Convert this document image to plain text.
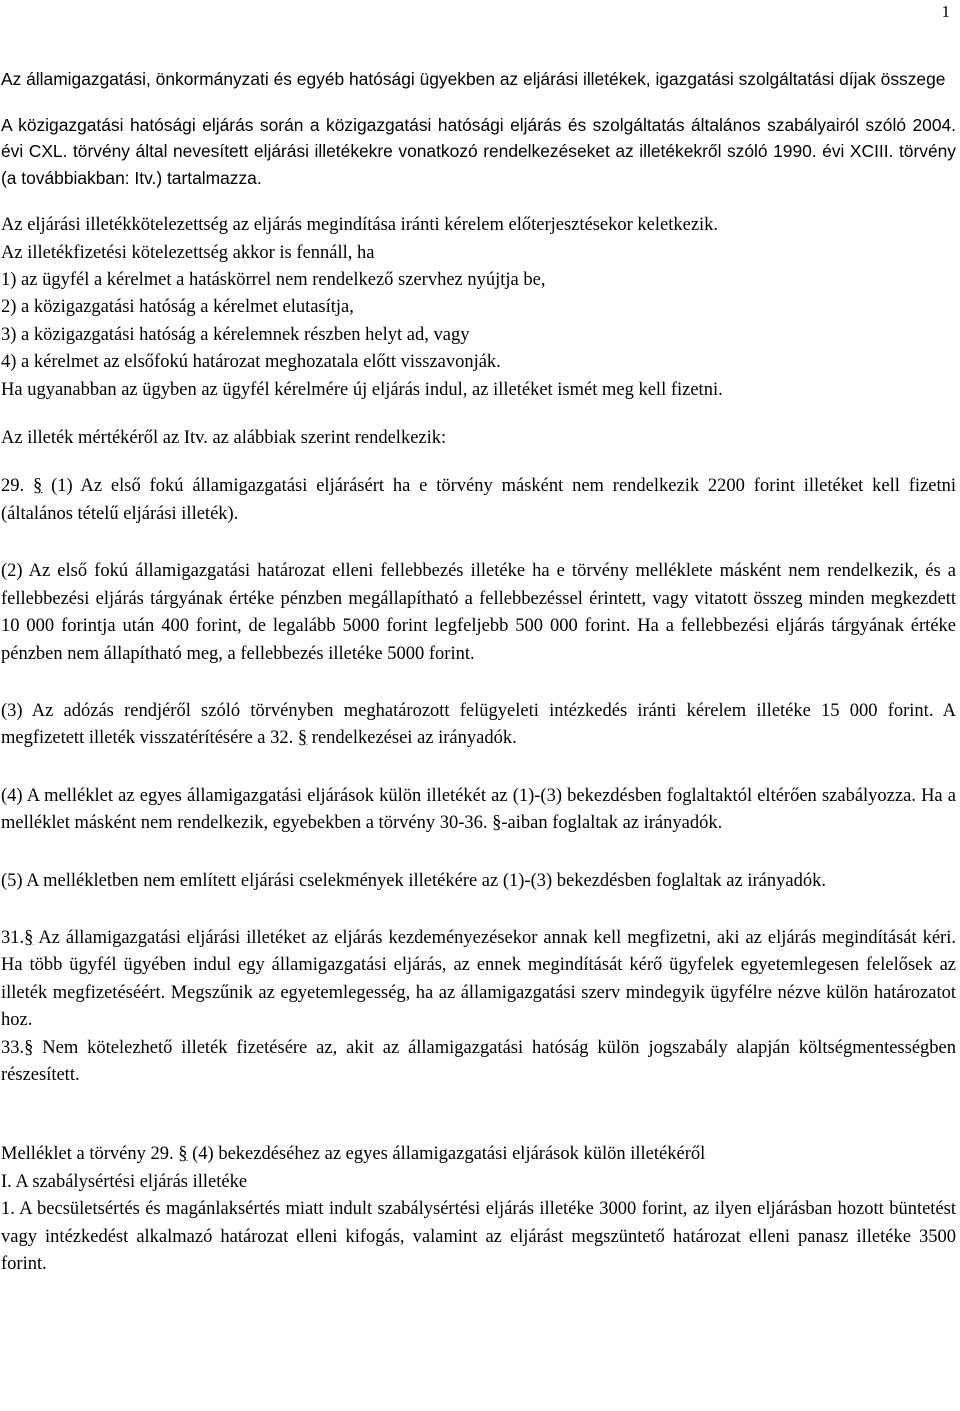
1

Az államigazgatási, önkormányzati és egyéb hatósági ügyekben az eljárási illetékek, igazgatási szolgáltatási díjak összege

A közigazgatási hatósági eljárás során a közigazgatási hatósági eljárás és szolgáltatás általános szabályairól szóló 2004. évi CXL. törvény által nevesített eljárási illetékekre vonatkozó rendelkezéseket az illetékekről szóló 1990. évi XCIII. törvény (a továbbiakban: Itv.) tartalmazza.

Az eljárási illetékkötelezettség az eljárás megindítása iránti kérelem előterjesztésekor keletkezik.

Az illetékfizetési kötelezettség akkor is fennáll, ha

1) az ügyfél a kérelmet a hatáskörrel nem rendelkező szervhez nyújtja be,

2) a közigazgatási hatóság a kérelmet elutasítja,

3) a közigazgatási hatóság a kérelemnek részben helyt ad, vagy

4) a kérelmet az elsőfokú határozat meghozatala előtt visszavonják.

Ha ugyanabban az ügyben az ügyfél kérelmére új eljárás indul, az illetéket ismét meg kell fizetni.

Az illeték mértékéről az Itv. az alábbiak szerint rendelkezik:

29. § (1) Az első fokú államigazgatási eljárásért ha e törvény másként nem rendelkezik 2200 forint illetéket kell fizetni (általános tételű eljárási illeték).

(2) Az első fokú államigazgatási határozat elleni fellebbezés illetéke ha e törvény melléklete másként nem rendelkezik, és a fellebbezési eljárás tárgyának értéke pénzben megállapítható a fellebbezéssel érintett, vagy vitatott összeg minden megkezdett 10 000 forintja után 400 forint, de legalább 5000 forint legfeljebb 500 000 forint. Ha a fellebbezési eljárás tárgyának értéke pénzben nem állapítható meg, a fellebbezés illetéke 5000 forint.

(3) Az adózás rendjéről szóló törvényben meghatározott felügyeleti intézkedés iránti kérelem illetéke 15 000 forint. A megfizetett illeték visszatérítésére a 32. § rendelkezései az irányadók.

(4) A melléklet az egyes államigazgatási eljárások külön illetékét az (1)-(3) bekezdésben foglaltaktól eltérően szabályozza. Ha a melléklet másként nem rendelkezik, egyebekben a törvény 30-36. §-aiban foglaltak az irányadók.

(5) A mellékletben nem említett eljárási cselekmények illetékére az (1)-(3) bekezdésben foglaltak az irányadók.

31.§ Az államigazgatási eljárási illetéket az eljárás kezdeményezésekor annak kell megfizetni, aki az eljárás megindítását kéri. Ha több ügyfél ügyében indul egy államigazgatási eljárás, az ennek megindítását kérő ügyfelek egyetemlegesen felelősek az illeték megfizetéséért. Megszűnik az egyetemlegesség, ha az államigazgatási szerv mindegyik ügyfélre nézve külön határozatot hoz.

33.§ Nem kötelezhető illeték fizetésére az, akit az államigazgatási hatóság külön jogszabály alapján költségmentességben részesített.

Melléklet a törvény 29. § (4) bekezdéséhez az egyes államigazgatási eljárások külön illetékéről

I. A szabálysértési eljárás illetéke

1. A becsületsértés és magánlaksértés miatt indult szabálysértési eljárás illetéke 3000 forint, az ilyen eljárásban hozott büntetést vagy intézkedést alkalmazó határozat elleni kifogás, valamint az eljárást megszüntető határozat elleni panasz illetéke 3500 forint.
